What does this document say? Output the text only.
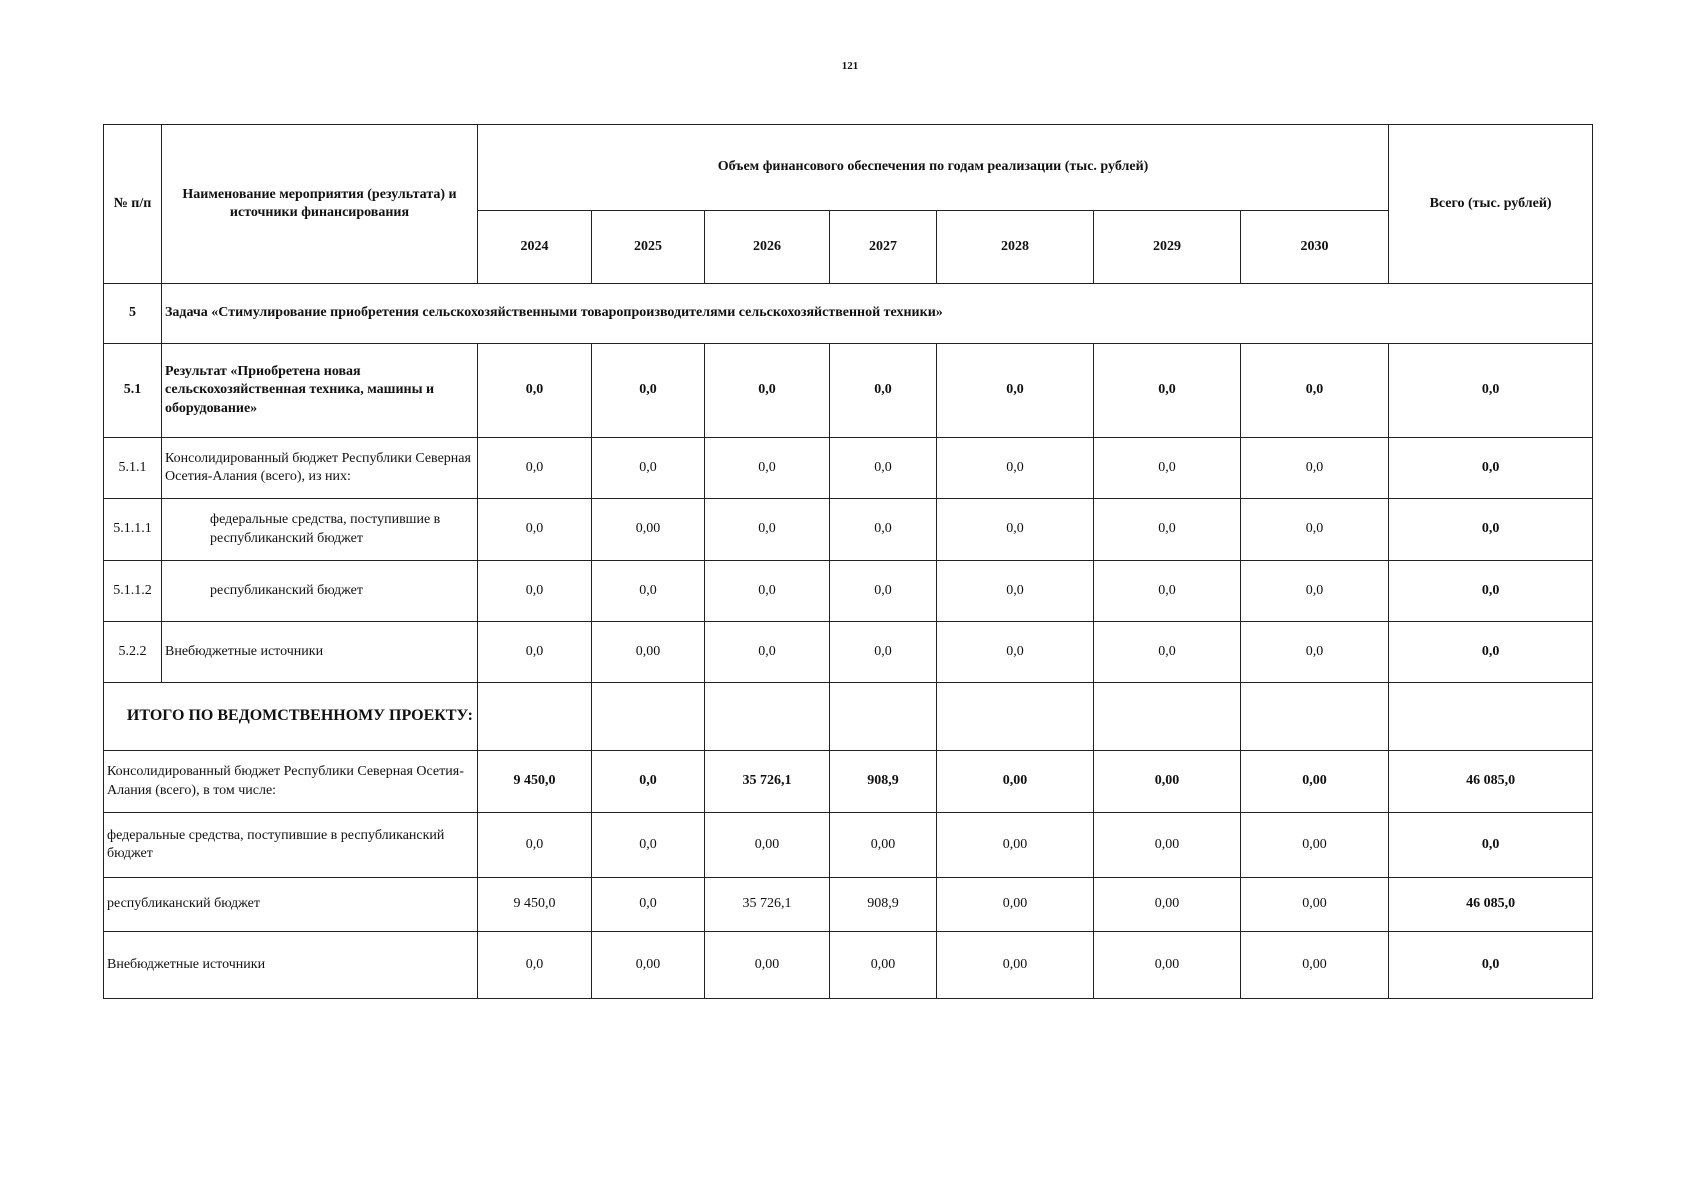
121
№ п/п	Наименование мероприятия (результата) и источники финансирования	Объем финансового обеспечения по годам реализации (тыс. рублей)							Всего (тыс. рублей)
		2024	2025	2026	2027	2028	2029	2030	
5	Задача «Стимулирование приобретения сельскохозяйственными товаропроизводителями сельскохозяйственной техники»								
5.1	Результат «Приобретена новая сельскохозяйственная техника, машины и оборудование»	0,0	0,0	0,0	0,0	0,0	0,0	0,0	0,0
5.1.1	Консолидированный бюджет Республики Северная Осетия-Алания (всего), из них:	0,0	0,0	0,0	0,0	0,0	0,0	0,0	0,0
5.1.1.1	федеральные средства, поступившие в республиканский бюджет	0,0	0,00	0,0	0,0	0,0	0,0	0,0	0,0
5.1.1.2	республиканский бюджет	0,0	0,0	0,0	0,0	0,0	0,0	0,0	0,0
5.2.2	Внебюджетные источники	0,0	0,00	0,0	0,0	0,0	0,0	0,0	0,0
ИТОГО ПО ВЕДОМСТВЕННОМУ ПРОЕКТУ:									
Консолидированный бюджет Республики Северная Осетия-Алания (всего), в том числе:		9 450,0	0,0	35 726,1	908,9	0,00	0,00	0,00	46 085,0
федеральные средства, поступившие в республиканский бюджет		0,0	0,0	0,00	0,00	0,00	0,00	0,00	0,0
республиканский бюджет		9 450,0	0,0	35 726,1	908,9	0,00	0,00	0,00	46 085,0
Внебюджетные источники		0,0	0,00	0,00	0,00	0,00	0,00	0,00	0,0
